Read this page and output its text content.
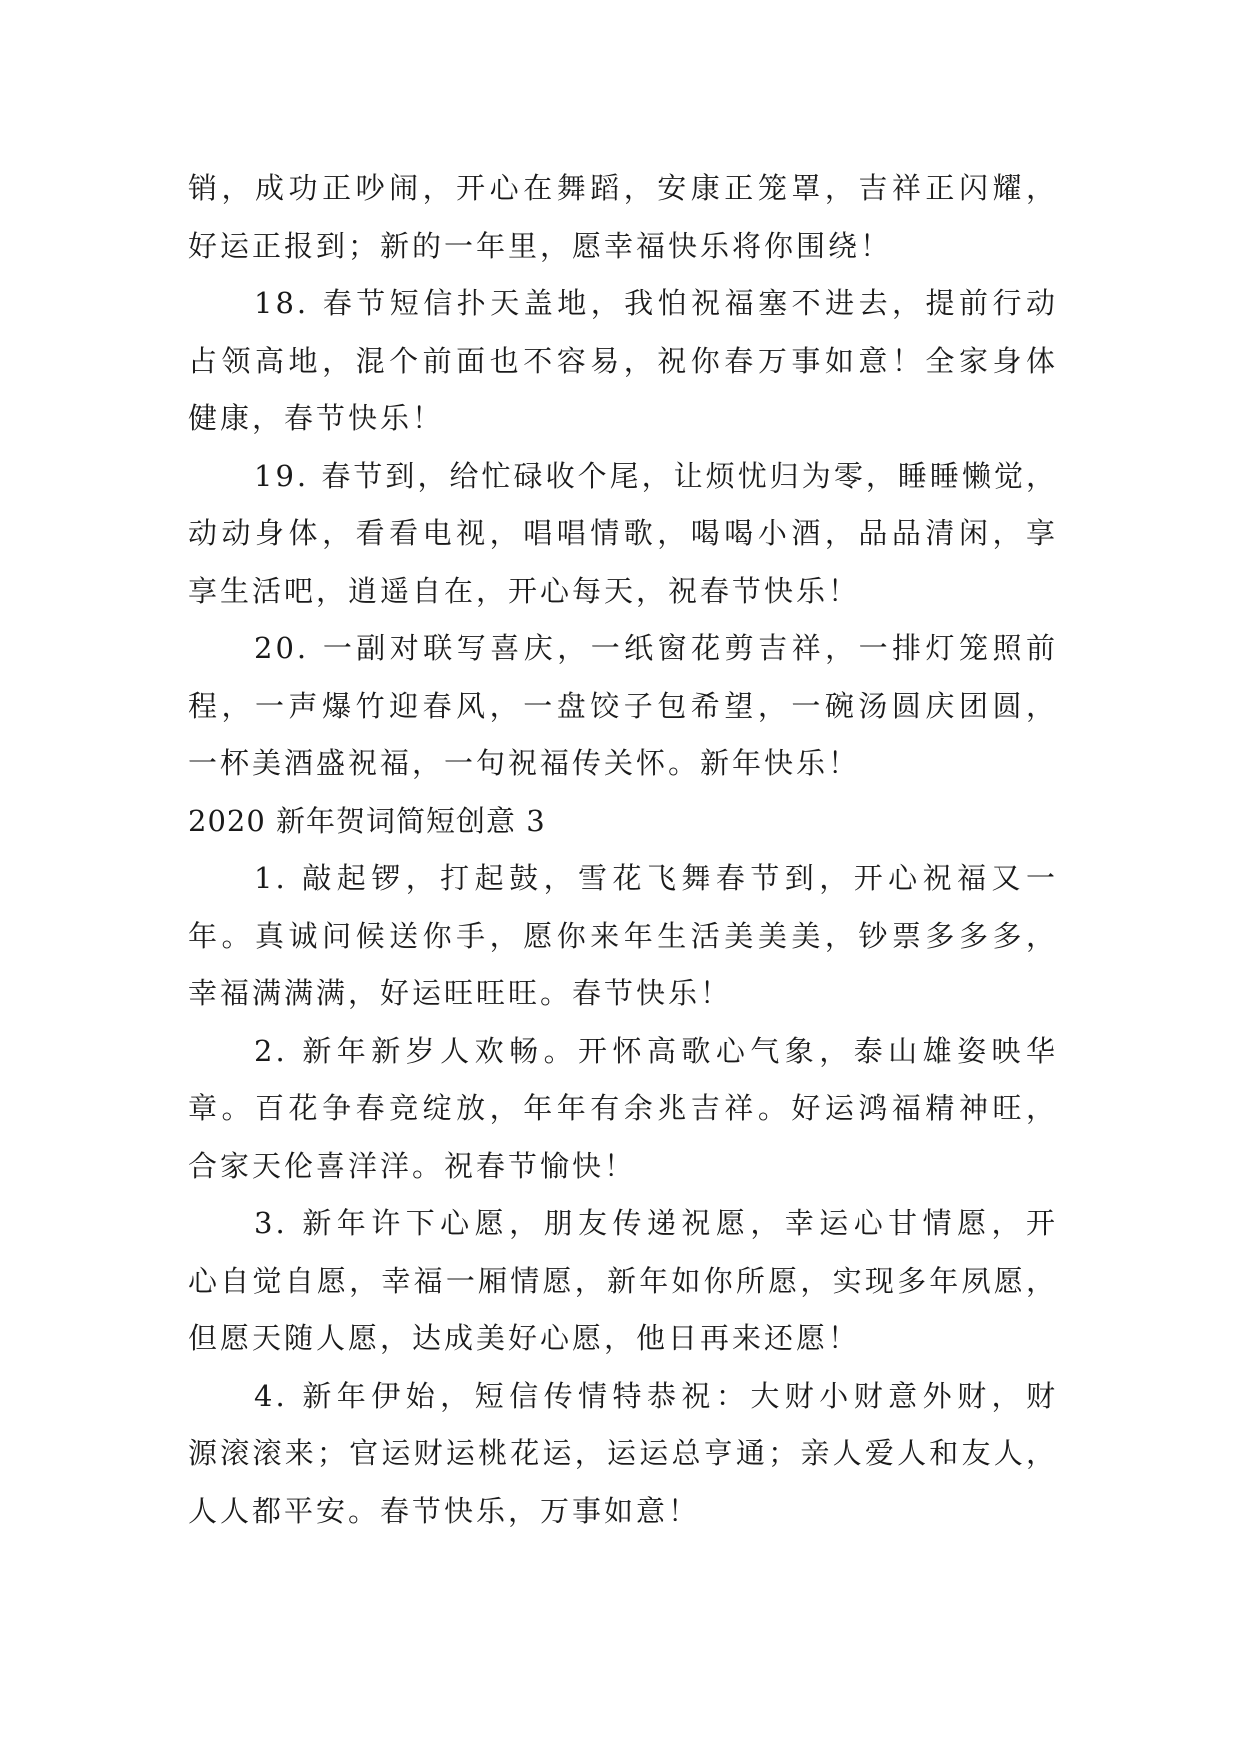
销，成功正吵闹，开心在舞蹈，安康正笼罩，吉祥正闪耀，
好运正报到；新的一年里，愿幸福快乐将你围绕！
18. 春节短信扑天盖地，我怕祝福塞不进去，提前行动
占领高地，混个前面也不容易，祝你春万事如意！全家身体
健康，春节快乐！
19. 春节到，给忙碌收个尾，让烦忧归为零，睡睡懒觉，
动动身体，看看电视，唱唱情歌，喝喝小酒，品品清闲，享
享生活吧，逍遥自在，开心每天，祝春节快乐！
20. 一副对联写喜庆，一纸窗花剪吉祥，一排灯笼照前
程，一声爆竹迎春风，一盘饺子包希望，一碗汤圆庆团圆，
一杯美酒盛祝福，一句祝福传关怀。新年快乐！
2020 新年贺词简短创意 3
1. 敲起锣，打起鼓，雪花飞舞春节到，开心祝福又一
年。真诚问候送你手，愿你来年生活美美美，钞票多多多，
幸福满满满，好运旺旺旺。春节快乐！
2. 新年新岁人欢畅。开怀高歌心气象，泰山雄姿映华
章。百花争春竞绽放，年年有余兆吉祥。好运鸿福精神旺，
合家天伦喜洋洋。祝春节愉快！
3. 新年许下心愿，朋友传递祝愿，幸运心甘情愿，开
心自觉自愿，幸福一厢情愿，新年如你所愿，实现多年夙愿，
但愿天随人愿，达成美好心愿，他日再来还愿！
4. 新年伊始，短信传情特恭祝：大财小财意外财，财
源滚滚来；官运财运桃花运，运运总亨通；亲人爱人和友人，
人人都平安。春节快乐，万事如意！
